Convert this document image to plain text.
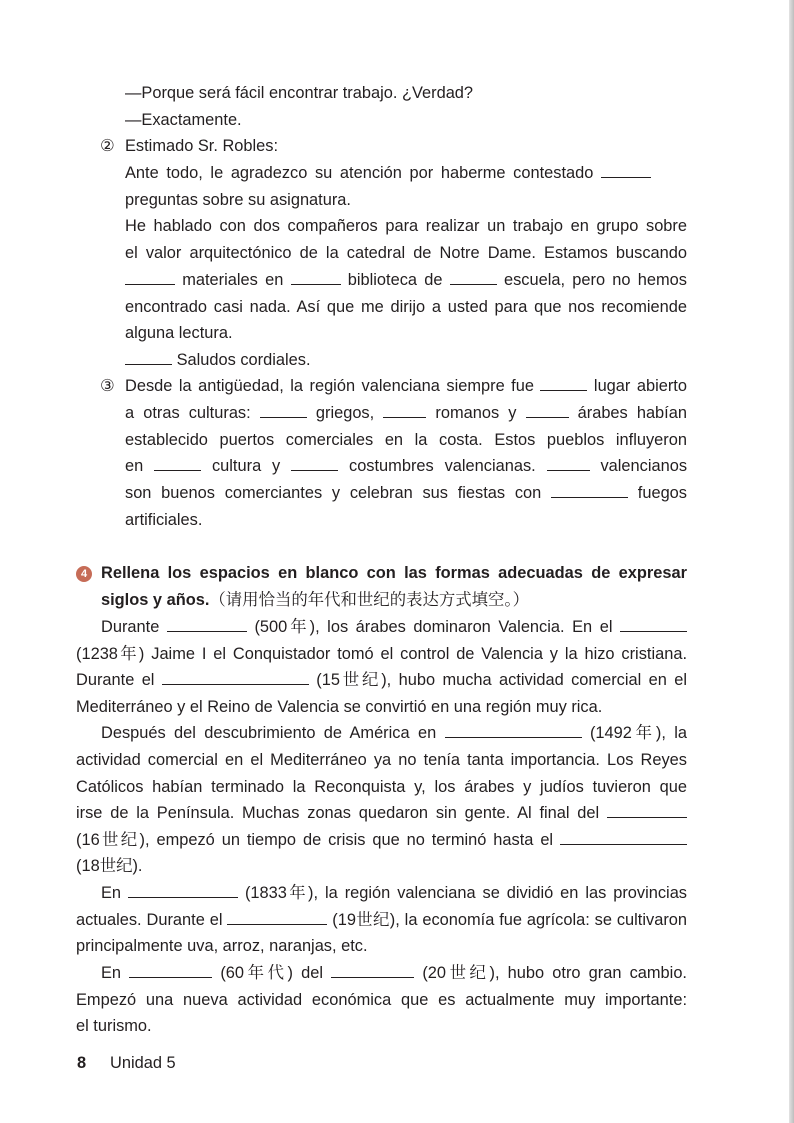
—Porque será fácil encontrar trabajo. ¿Verdad?
—Exactamente.
② Estimado Sr. Robles:
Ante todo, le agradezco su atención por haberme contestado
preguntas sobre su asignatura.
He hablado con dos compañeros para realizar un trabajo en grupo sobre
el valor arquitectónico de la catedral de Notre Dame. Estamos buscando
materiales en	biblioteca de	escuela, pero no hemos
encontrado casi nada. Así que me dirijo a usted para que nos recomiende
alguna lectura.
Saludos cordiales.
③ Desde la antigüedad, la región valenciana siempre fue	lugar abierto
a otras culturas:	griegos,	romanos y	árabes habían
establecido puertos comerciales en la costa. Estos pueblos influyeron
en	cultura y	costumbres valencianas.	valencianos
son buenos comerciantes y celebran sus fiestas con	fuegos
artificiales.
4 Rellena los espacios en blanco con las formas adecuadas de expresar
siglos y años.（请用恰当的年代和世纪的表达方式填空。）
Durante	(500年), los árabes dominaron Valencia. En el
(1238年) Jaime I el Conquistador tomó el control de Valencia y la hizo cristiana.
Durante el	(15世纪), hubo mucha actividad comercial en el
Mediterráneo y el Reino de Valencia se convirtió en una región muy rica.
Después del descubrimiento de América en	(1492年), la
actividad comercial en el Mediterráneo ya no tenía tanta importancia. Los Reyes
Católicos habían terminado la Reconquista y, los árabes y judíos tuvieron que
irse de la Península. Muchas zonas quedaron sin gente. Al final del
(16世纪), empezó un tiempo de crisis que no terminó hasta el
(18世纪).
En	(1833年), la región valenciana se dividió en las provincias
actuales. Durante el	(19世纪), la economía fue agrícola: se cultivaron
principalmente uva, arroz, naranjas, etc.
En	(60年代) del	(20世纪), hubo otro gran cambio.
Empezó una nueva actividad económica que es actualmente muy importante:
el turismo.
8 Unidad 5
